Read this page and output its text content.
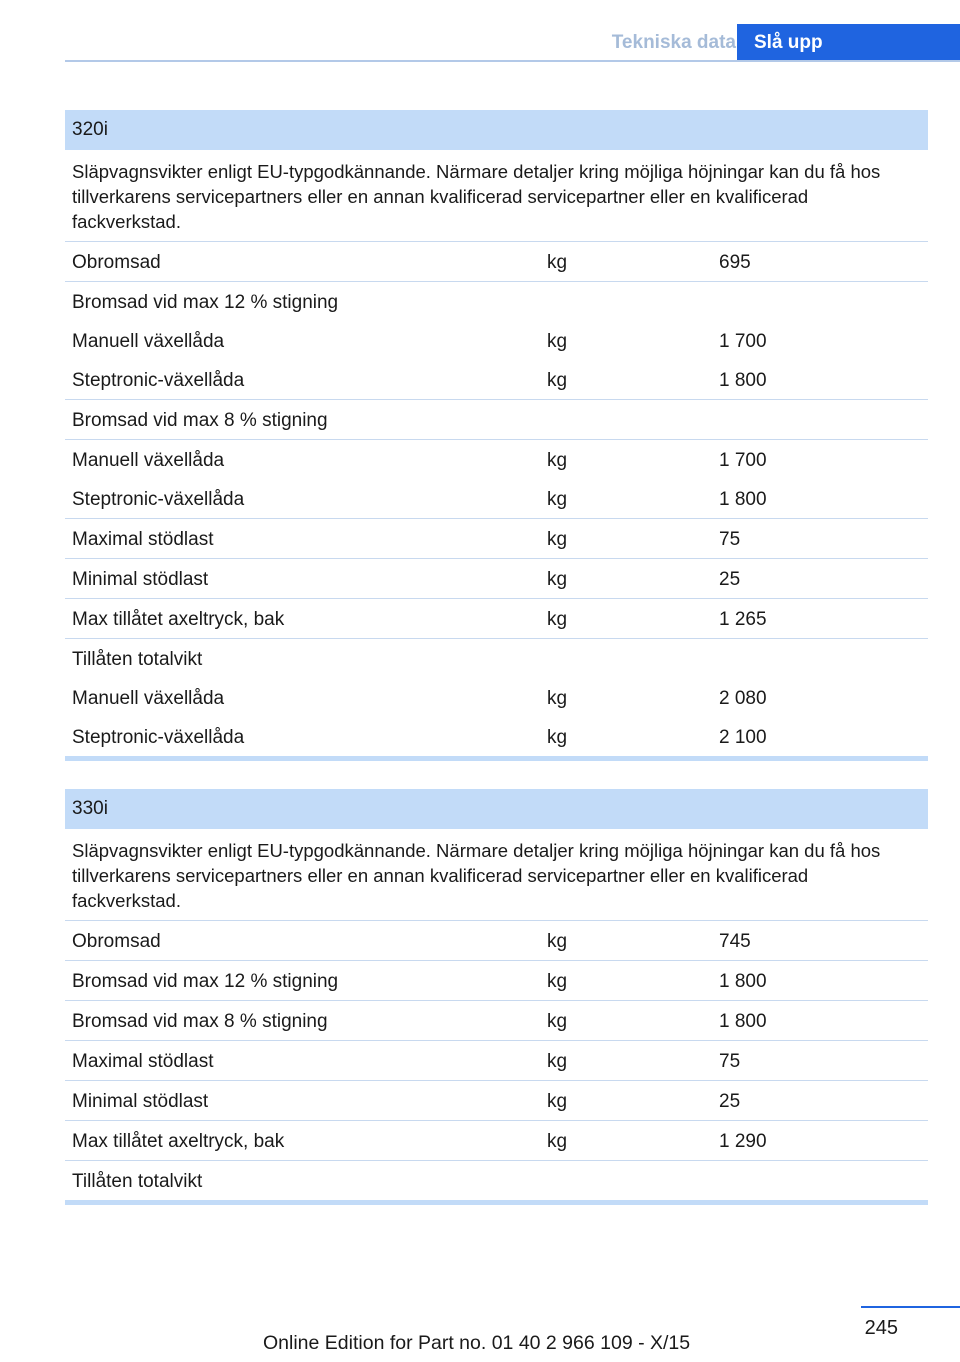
Tekniska data Slå upp
320i
Släpvagnsvikter enligt EU-typgodkännande. Närmare detaljer kring möjliga höjningar kan du få hos tillverkarens servicepartners eller en annan kvalificerad servicepartner eller en kvalificerad fackverkstad.
Obromsad	kg	695
Bromsad vid max 12 % stigning
Manuell växellåda	kg	1 700
Steptronic-växellåda	kg	1 800
Bromsad vid max 8 % stigning
Manuell växellåda	kg	1 700
Steptronic-växellåda	kg	1 800
Maximal stödlast	kg	75
Minimal stödlast	kg	25
Max tillåtet axeltryck, bak	kg	1 265
Tillåten totalvikt
Manuell växellåda	kg	2 080
Steptronic-växellåda	kg	2 100
330i
Släpvagnsvikter enligt EU-typgodkännande. Närmare detaljer kring möjliga höjningar kan du få hos tillverkarens servicepartners eller en annan kvalificerad servicepartner eller en kvalificerad fackverkstad.
Obromsad	kg	745
Bromsad vid max 12 % stigning	kg	1 800
Bromsad vid max 8 % stigning	kg	1 800
Maximal stödlast	kg	75
Minimal stödlast	kg	25
Max tillåtet axeltryck, bak	kg	1 290
Tillåten totalvikt
245
Online Edition for Part no. 01 40 2 966 109 - X/15
